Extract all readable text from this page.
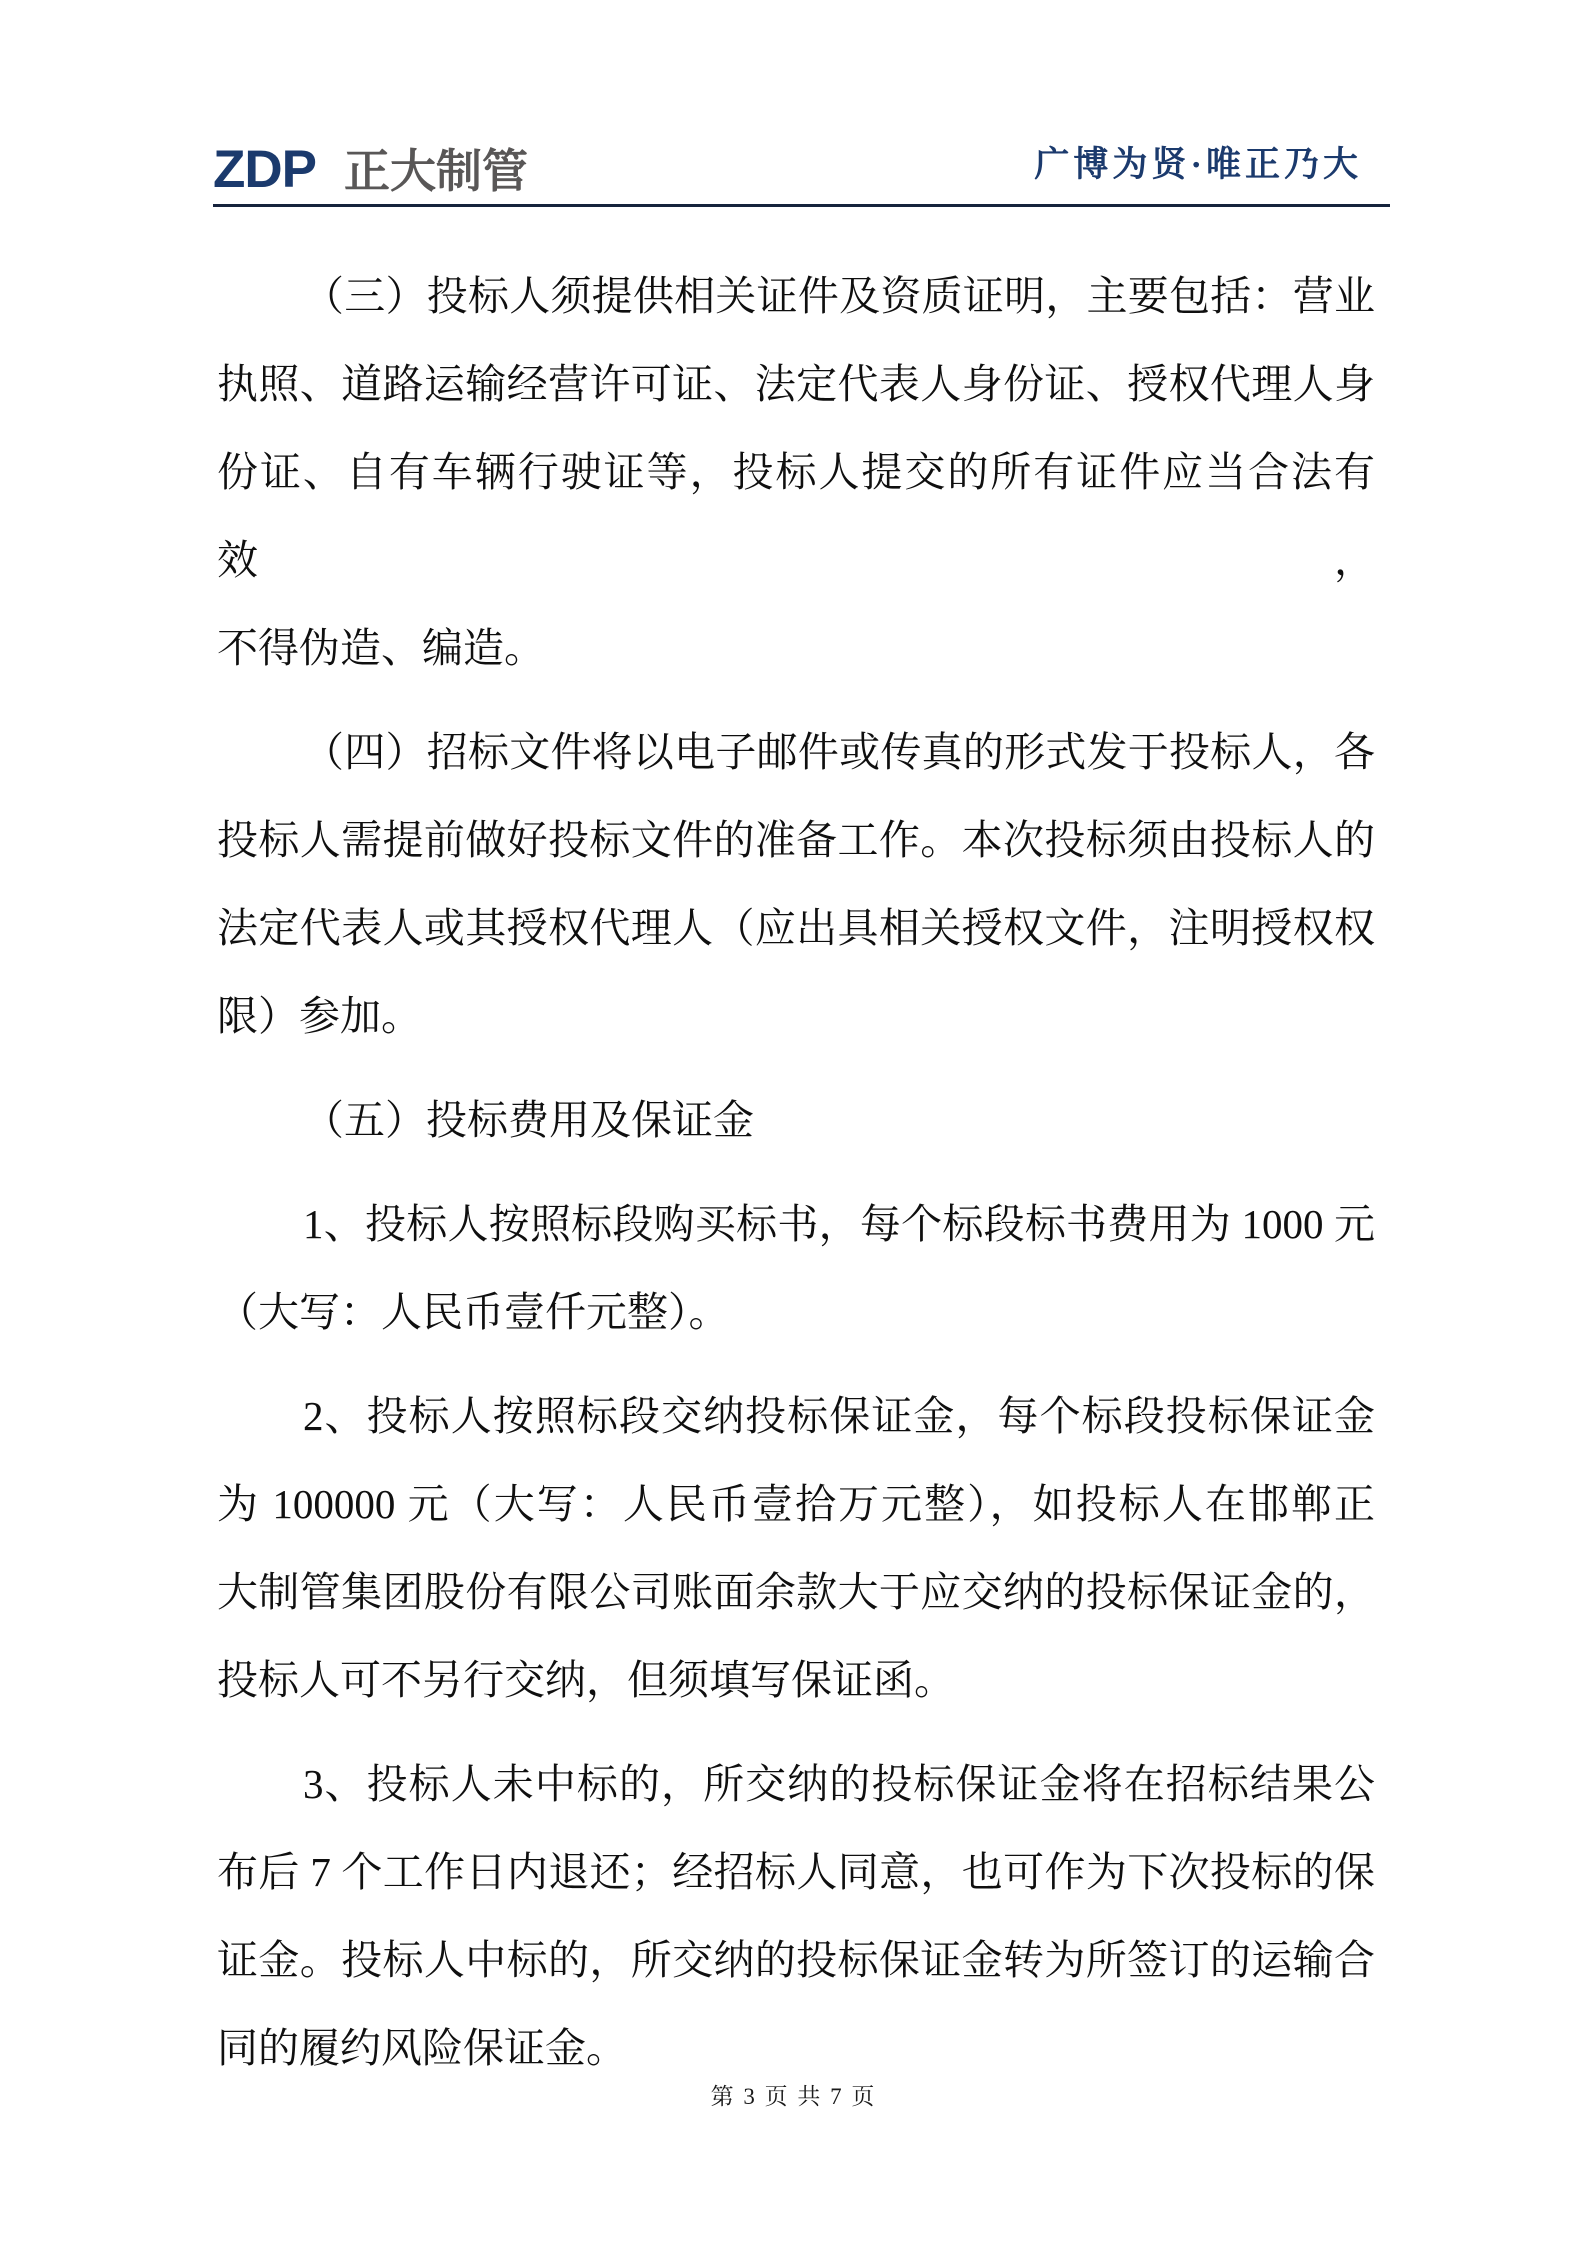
ZDP 正大制管	广博为贤·唯正乃大
（三）投标人须提供相关证件及资质证明，主要包括：营业
执照、道路运输经营许可证、法定代表人身份证、授权代理人身
份证、自有车辆行驶证等，投标人提交的所有证件应当合法有效，
不得伪造、编造。
（四）招标文件将以电子邮件或传真的形式发于投标人，各
投标人需提前做好投标文件的准备工作。本次投标须由投标人的
法定代表人或其授权代理人（应出具相关授权文件，注明授权权
限）参加。
（五）投标费用及保证金
1、投标人按照标段购买标书，每个标段标书费用为 1000 元
（大写：人民币壹仟元整）。
2、投标人按照标段交纳投标保证金，每个标段投标保证金
为 100000 元（大写：人民币壹拾万元整），如投标人在邯郸正
大制管集团股份有限公司账面余款大于应交纳的投标保证金的，
投标人可不另行交纳，但须填写保证函。
3、投标人未中标的，所交纳的投标保证金将在招标结果公
布后 7 个工作日内退还；经招标人同意，也可作为下次投标的保
证金。投标人中标的，所交纳的投标保证金转为所签订的运输合
同的履约风险保证金。
第 3 页 共 7 页
